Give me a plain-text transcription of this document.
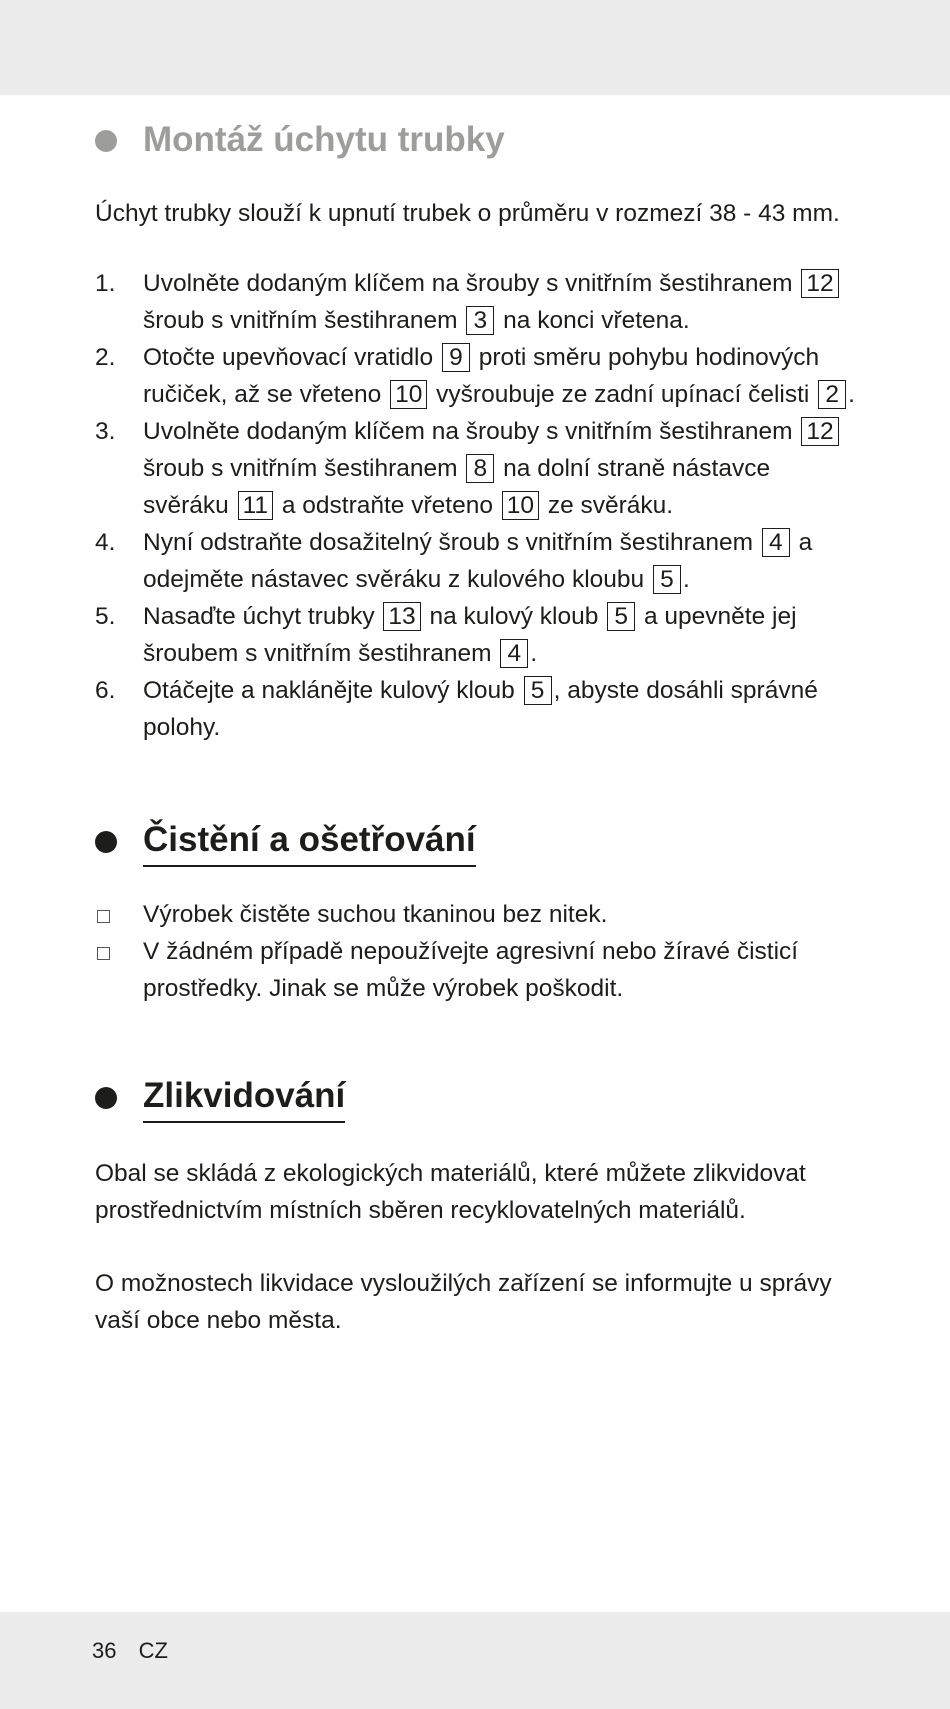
Montáž úchytu trubky

Úchyt trubky slouží k upnutí trubek o průměru v rozmezí 38 - 43 mm.

1. Uvolněte dodaným klíčem na šrouby s vnitřním šestihranem 12 šroub s vnitřním šestihranem 3 na konci vřetena.
2. Otočte upevňovací vratidlo 9 proti směru pohybu hodinových ručiček, až se vřeteno 10 vyšroubuje ze zadní upínací čelisti 2 .
3. Uvolněte dodaným klíčem na šrouby s vnitřním šestihranem 12 šroub s vnitřním šestihranem 8 na dolní straně nástavce svěráku 11 a odstraňte vřeteno 10 ze svěráku.
4. Nyní odstraňte dosažitelný šroub s vnitřním šestihranem 4 a odejměte nástavec svěráku z kulového kloubu 5 .
5. Nasaďte úchyt trubky 13 na kulový kloub 5 a upevněte jej šroubem s vnitřním šestihranem 4 .
6. Otáčejte a naklánějte kulový kloub 5 , abyste dosáhli správné polohy.
Čistění a ošetřování
Výrobek čistěte suchou tkaninou bez nitek.
V žádném případě nepoužívejte agresivní nebo žíravé čisticí prostředky. Jinak se může výrobek poškodit.
Zlikvidování

Obal se skládá z ekologických materiálů, které můžete zlikvidovat prostřednictvím místních sběren recyklovatelných materiálů.

O možnostech likvidace vysloužilých zařízení se informujte u správy vaší obce nebo města.

36 CZ
